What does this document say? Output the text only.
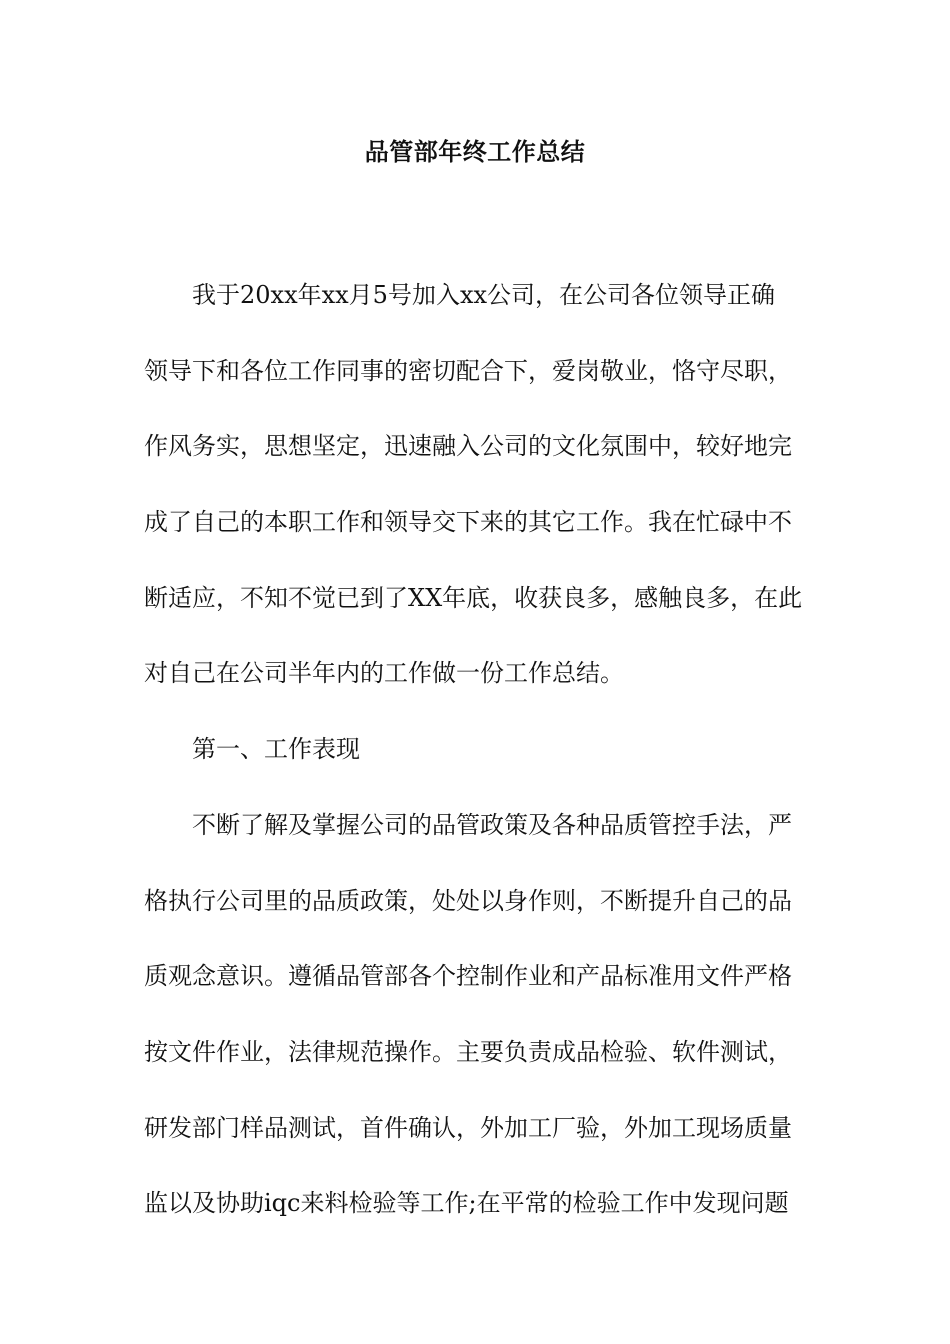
品管部年终工作总结
我于20xx年xx月5号加入xx公司，在公司各位领导正确
领导下和各位工作同事的密切配合下，爱岗敬业，恪守尽职，
作风务实，思想坚定，迅速融入公司的文化氛围中，较好地完
成了自己的本职工作和领导交下来的其它工作。我在忙碌中不
断适应，不知不觉已到了XX年底，收获良多，感触良多，在此
对自己在公司半年内的工作做一份工作总结。
第一、工作表现
不断了解及掌握公司的品管政策及各种品质管控手法，严
格执行公司里的品质政策，处处以身作则，不断提升自己的品
质观念意识。遵循品管部各个控制作业和产品标准用文件严格
按文件作业，法律规范操作。主要负责成品检验、软件测试，
研发部门样品测试，首件确认，外加工厂验，外加工现场质量
监以及协助iqc来料检验等工作;在平常的检验工作中发现问题
